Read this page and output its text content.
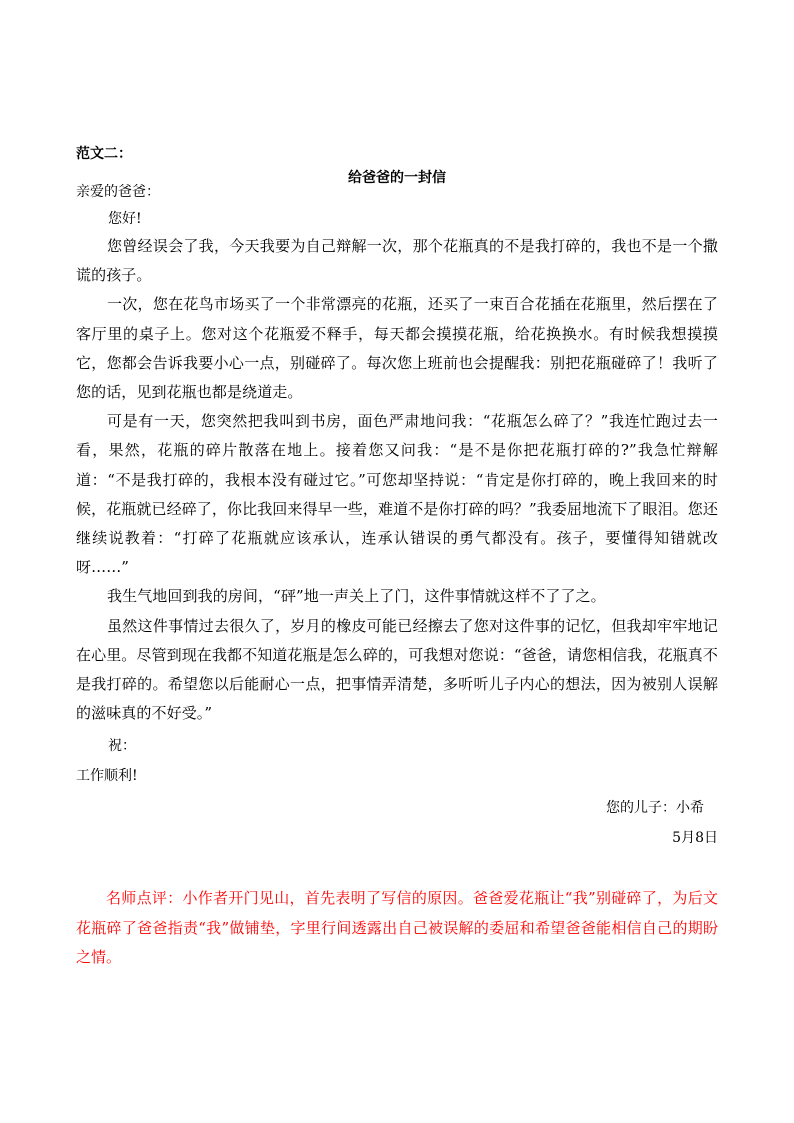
范文二：
给爸爸的一封信
亲爱的爸爸：
您好!

您曾经误会了我，今天我要为自己辩解一次，那个花瓶真的不是我打碎的，我也不是一个撒谎的孩子。

一次，您在花鸟市场买了一个非常漂亮的花瓶，还买了一束百合花插在花瓶里，然后摆在了客厅里的桌子上。您对这个花瓶爱不释手，每天都会摸摸花瓶，给花换换水。有时候我想摸摸它，您都会告诉我要小心一点，别碰碎了。每次您上班前也会提醒我：别把花瓶碰碎了！我听了您的话，见到花瓶也都是绕道走。

可是有一天，您突然把我叫到书房，面色严肃地问我：“花瓶怎么碎了？”我连忙跑过去一看，果然，花瓶的碎片散落在地上。接着您又问我：“是不是你把花瓶打碎的?”我急忙辩解道：“不是我打碎的，我根本没有碰过它。”可您却坚持说：“肯定是你打碎的，晚上我回来的时候，花瓶就已经碎了，你比我回来得早一些，难道不是你打碎的吗？”我委屈地流下了眼泪。您还继续说教着：“打碎了花瓶就应该承认，连承认错误的勇气都没有。孩子，要懂得知错就改呀……”

我生气地回到我的房间，“砰”地一声关上了门，这件事情就这样不了了之。

虽然这件事情过去很久了，岁月的橡皮可能已经擦去了您对这件事的记忆，但我却牢牢地记在心里。尽管到现在我都不知道花瓶是怎么碎的，可我想对您说：“爸爸，请您相信我，花瓶真不是我打碎的。希望您以后能耐心一点，把事情弄清楚，多听听儿子内心的想法，因为被别人误解的滋味真的不好受。”

祝：
工作顺利!
您的儿子：小希
5月8日
名师点评：小作者开门见山，首先表明了写信的原因。爸爸爱花瓶让“我”别碰碎了，为后文花瓶碎了爸爸指责“我”做铺垫，字里行间透露出自己被误解的委屈和希望爸爸能相信自己的期盼之情。
